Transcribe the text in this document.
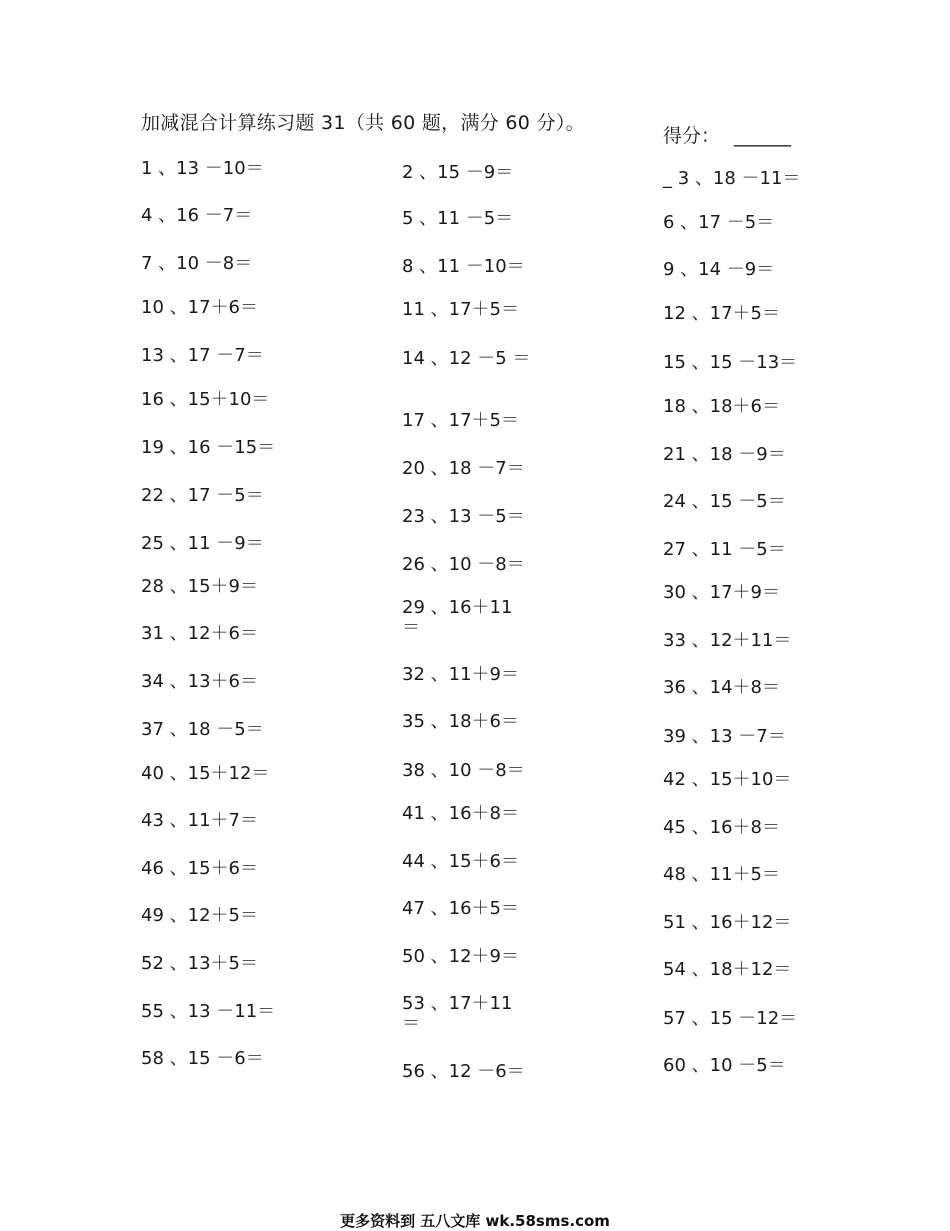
加减混合计算练习题 31（共 60 题，满分 60 分）。
得分： ______
1 、13 －10＝
4 、16 －7＝
7 、10 －8＝
10 、17＋6＝
13 、17 －7＝
16 、15＋10＝
19 、16 －15＝
22 、17 －5＝
25 、11 －9＝
28 、15＋9＝
31 、12＋6＝
34 、13＋6＝
37 、18 －5＝
40 、15＋12＝
43 、11＋7＝
46 、15＋6＝
49 、12＋5＝
52 、13＋5＝
55 、13 －11＝
58 、15 －6＝
2 、15 －9＝
5 、11 －5＝
8 、11 －10＝
11 、17＋5＝
14 、12 －5 ＝
17 、17＋5＝
20 、18 －7＝
23 、13 －5＝
26 、10 －8＝
29 、16＋11 ＝
32 、11＋9＝
35 、18＋6＝
38 、10 －8＝
41 、16＋8＝
44 、15＋6＝
47 、16＋5＝
50 、12＋9＝
53 、17＋11 ＝
56 、12 －6＝
_ 3 、18 －11＝
6 、17 －5＝
9 、14 －9＝
12 、17＋5＝
15 、15 －13＝
18 、18＋6＝
21 、18 －9＝
24 、15 －5＝
27 、11 －5＝
30 、17＋9＝
33 、12＋11＝
36 、14＋8＝
39 、13 －7＝
42 、15＋10＝
45 、16＋8＝
48 、11＋5＝
51 、16＋12＝
54 、18＋12＝
57 、15 －12＝
60 、10 －5＝
更多资料到 五八文库 wk.58sms.com
